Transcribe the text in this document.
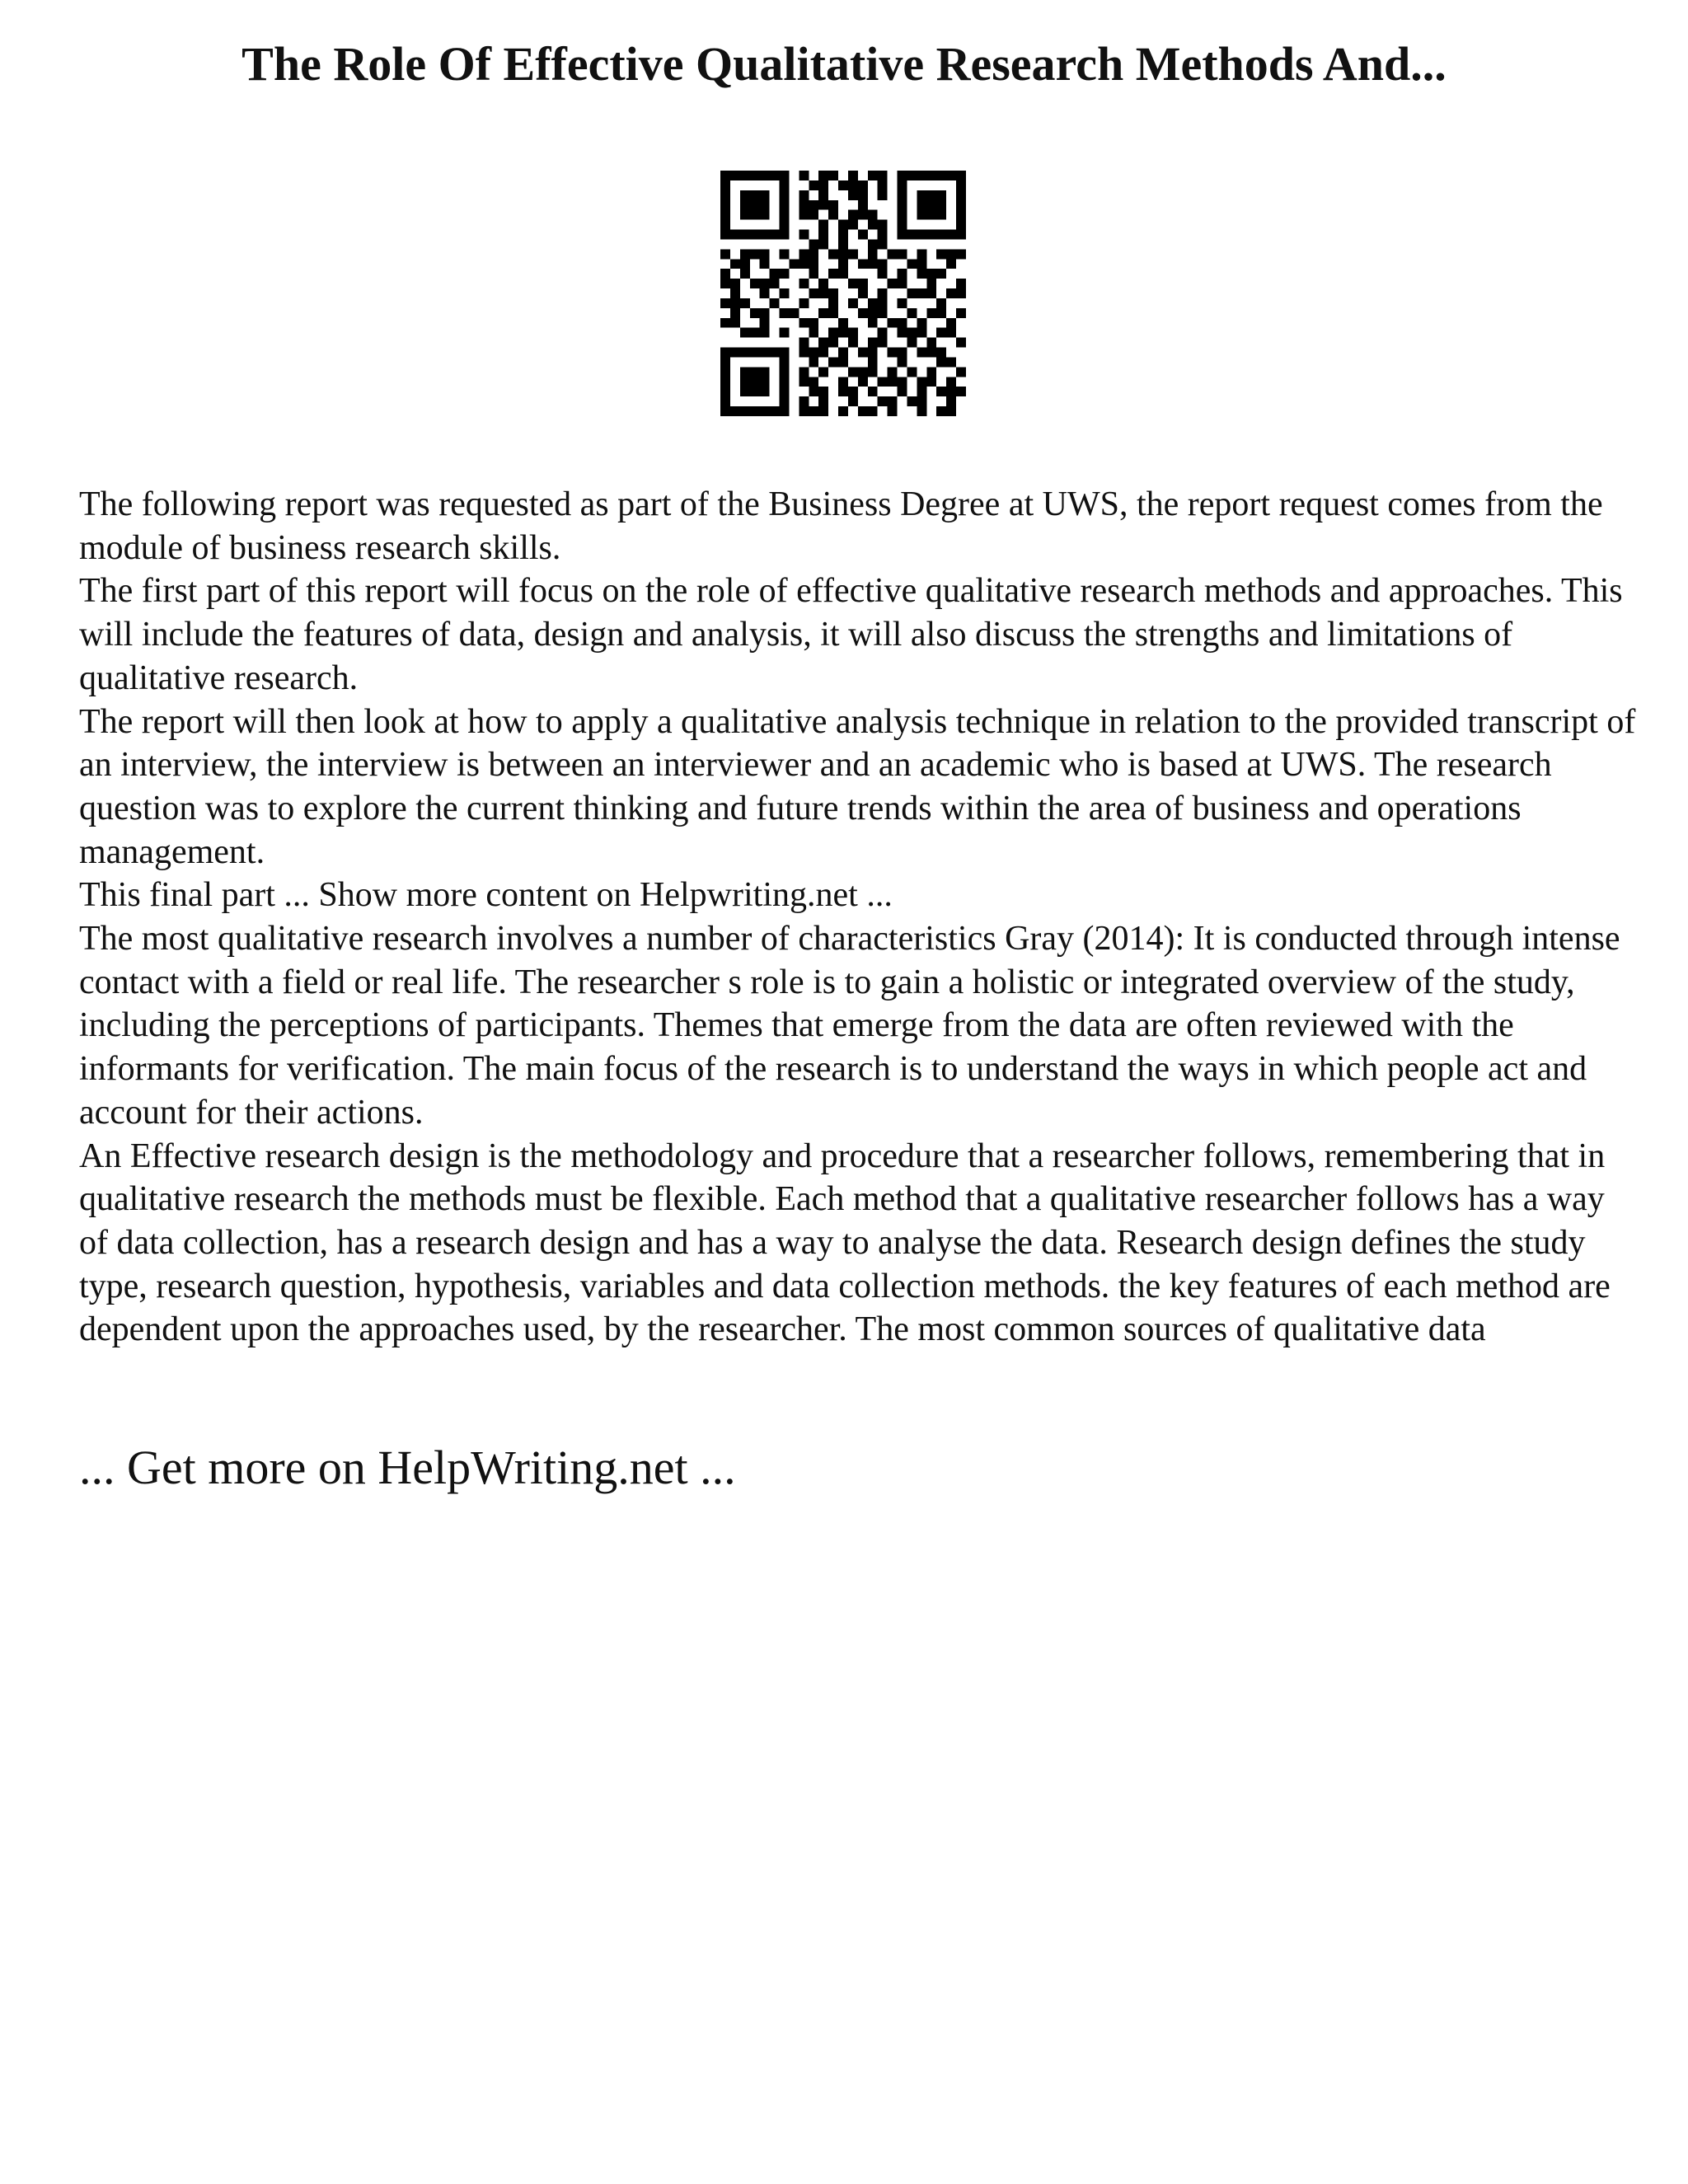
The Role Of Effective Qualitative Research Methods And...

The following report was requested as part of the Business Degree at UWS, the report request comes from the module of business research skills.

The first part of this report will focus on the role of effective qualitative research methods and approaches. This will include the features of data, design and analysis, it will also discuss the strengths and limitations of qualitative research.

The report will then look at how to apply a qualitative analysis technique in relation to the provided transcript of an interview, the interview is between an interviewer and an academic who is based at UWS. The research question was to explore the current thinking and future trends within the area of business and operations management.

This final part ... Show more content on Helpwriting.net ...

The most qualitative research involves a number of characteristics Gray (2014): It is conducted through intense contact with a field or real life. The researcher s role is to gain a holistic or integrated overview of the study, including the perceptions of participants. Themes that emerge from the data are often reviewed with the informants for verification. The main focus of the research is to understand the ways in which people act and account for their actions.

An Effective research design is the methodology and procedure that a researcher follows, remembering that in qualitative research the methods must be flexible. Each method that a qualitative researcher follows has a way of data collection, has a research design and has a way to analyse the data. Research design defines the study type, research question, hypothesis, variables and data collection methods. the key features of each method are dependent upon the approaches used, by the researcher. The most common sources of qualitative data

... Get more on HelpWriting.net ...
